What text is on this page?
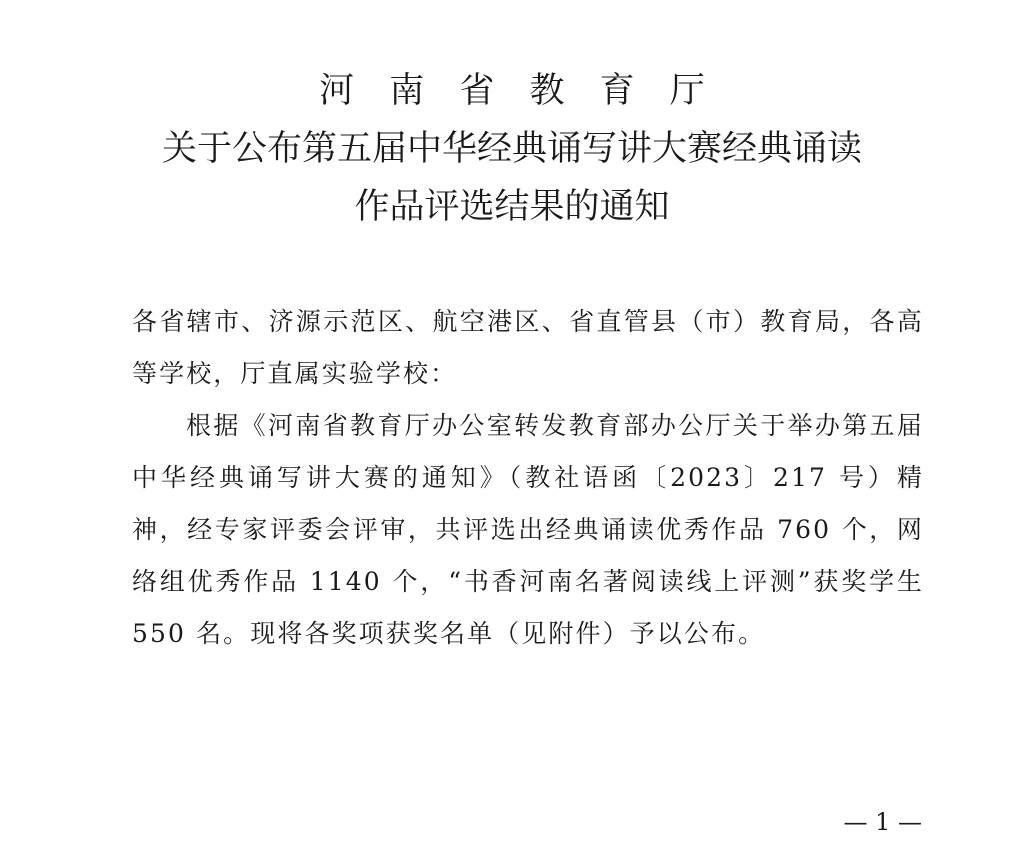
河 南 省 教 育 厅
关于公布第五届中华经典诵写讲大赛经典诵读
作品评选结果的通知

各省辖市、济源示范区、航空港区、省直管县（市）教育局，各高等学校，厅直属实验学校：

根据《河南省教育厅办公室转发教育部办公厅关于举办第五届中华经典诵写讲大赛的通知》（教社语函〔2023〕217 号）精神，经专家评委会评审，共评选出经典诵读优秀作品 760 个，网络组优秀作品 1140 个，“书香河南名著阅读线上评测”获奖学生550 名。现将各奖项获奖名单（见附件）予以公布。

— 1 —
